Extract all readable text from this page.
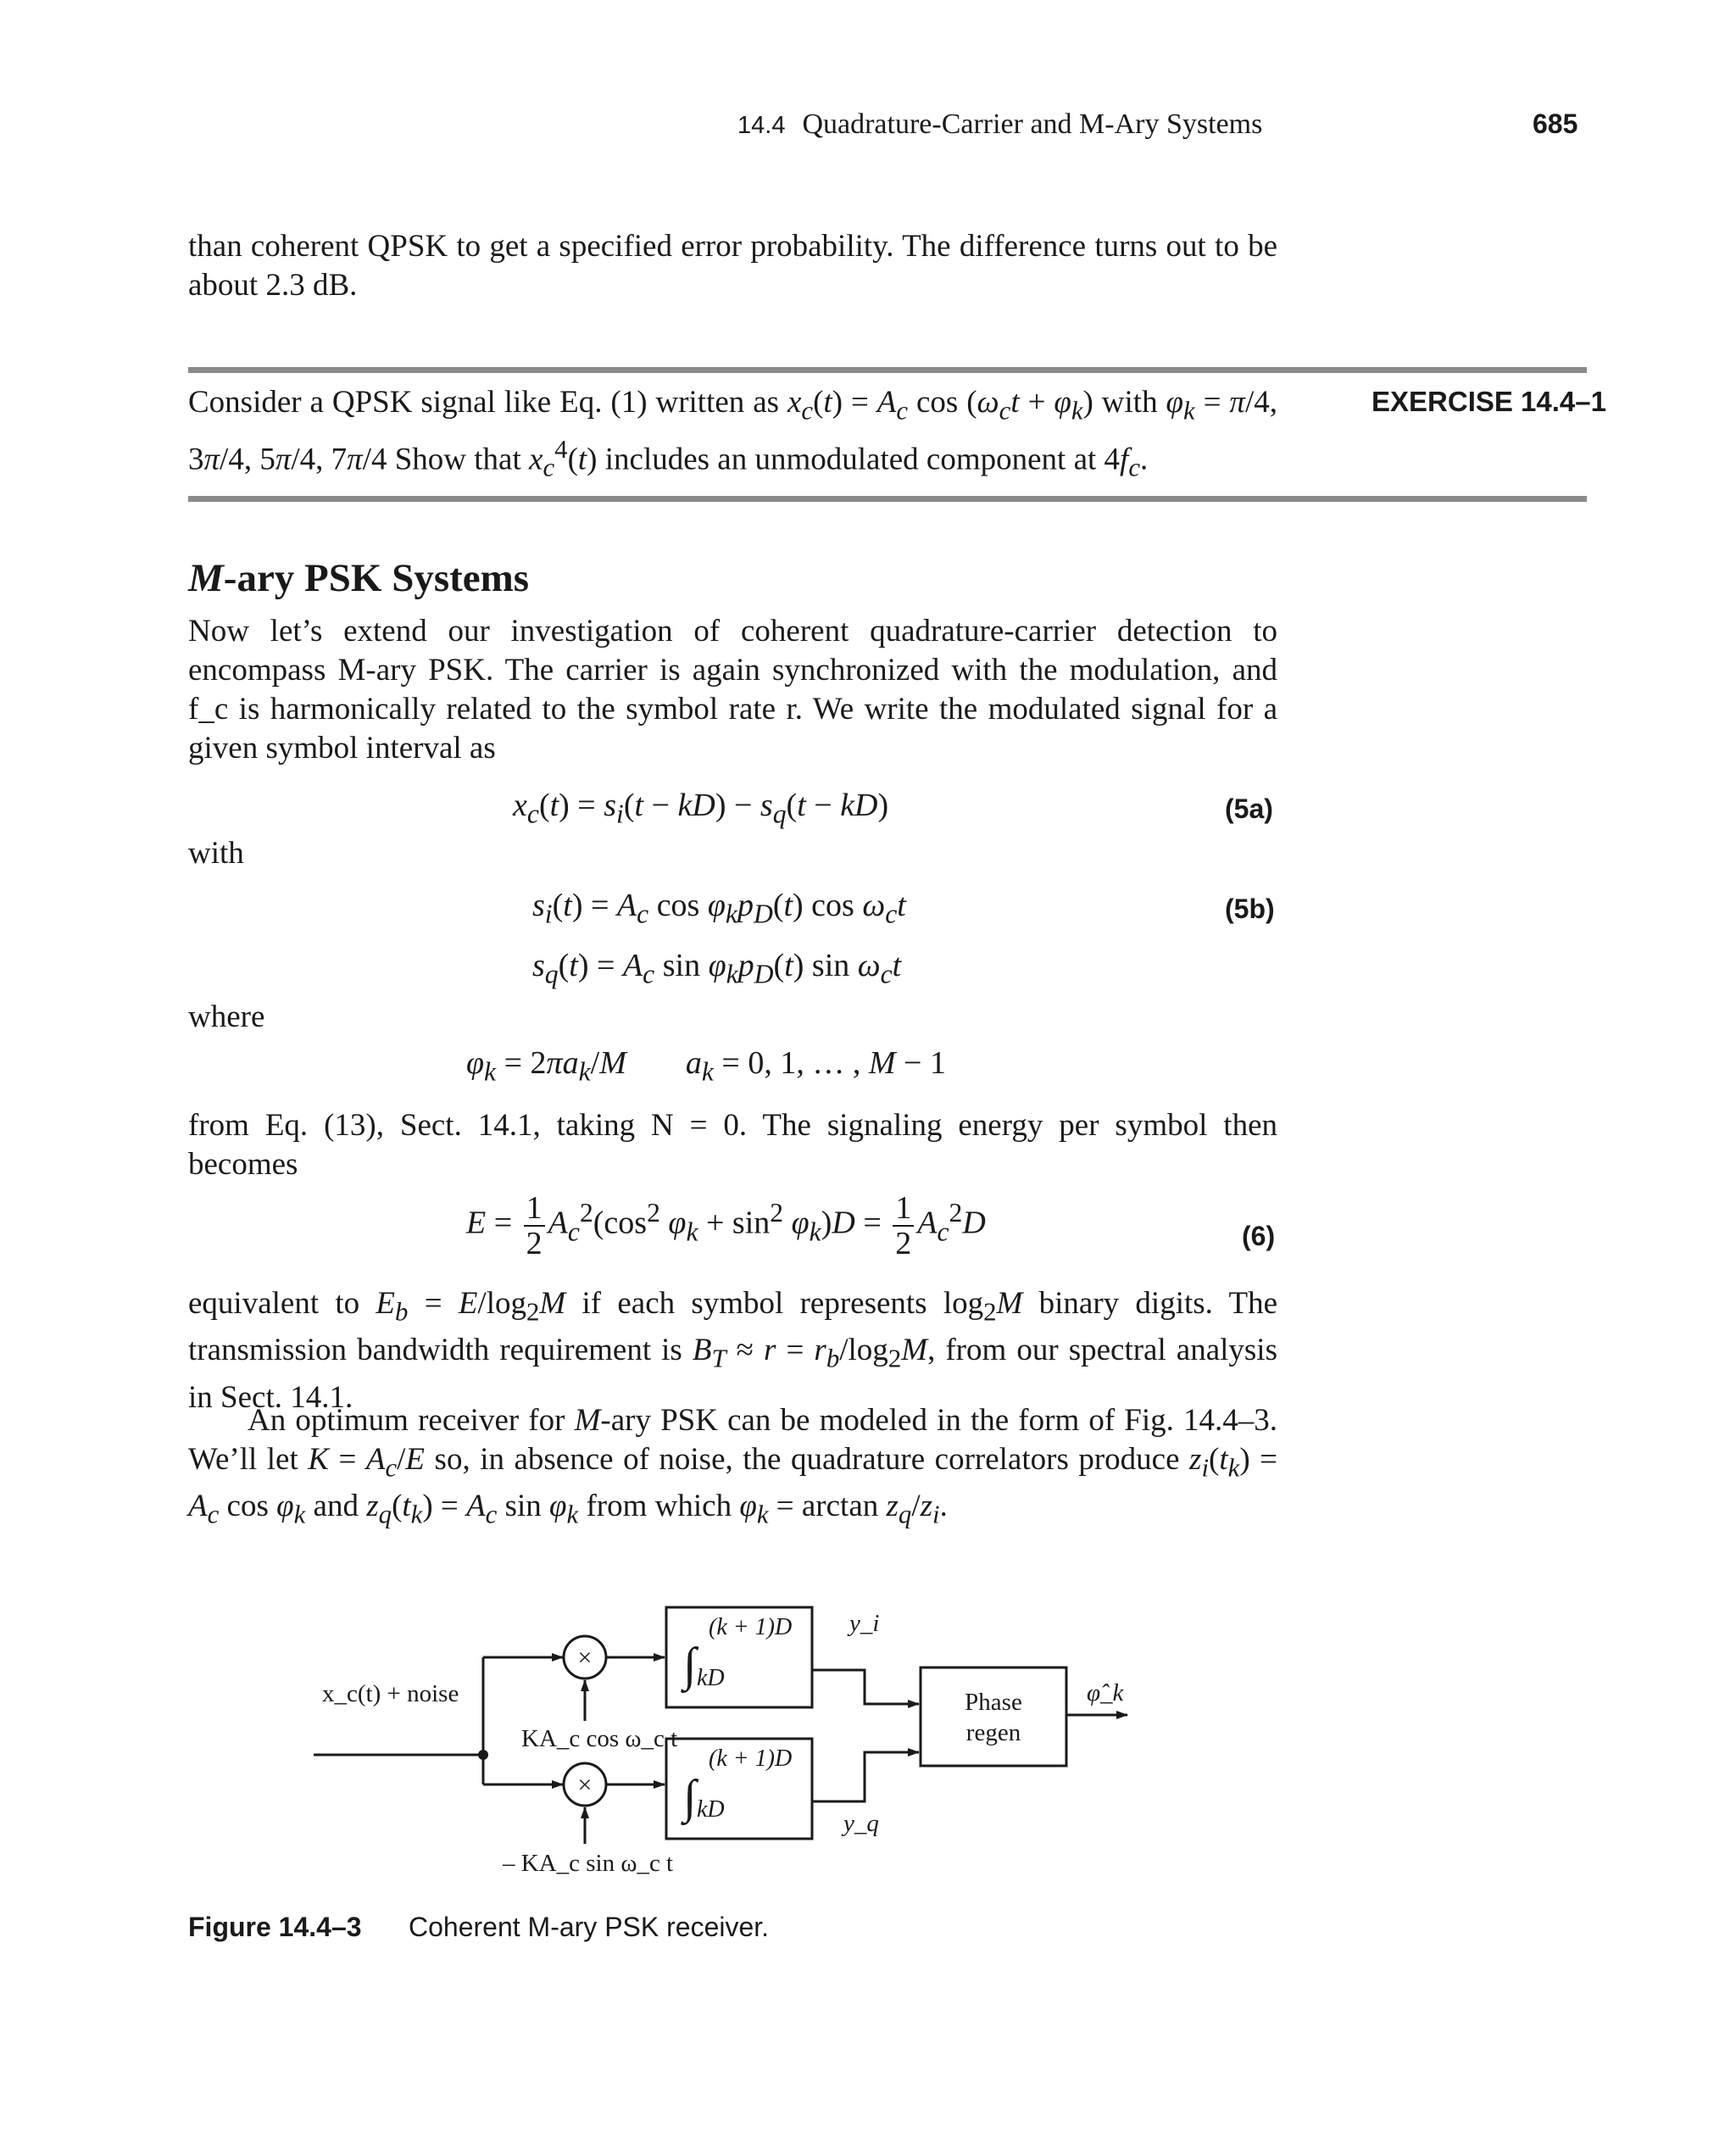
14.4 Quadrature-Carrier and M-Ary Systems	685
than coherent QPSK to get a specified error probability. The difference turns out to be about 2.3 dB.
EXERCISE 14.4–1
Consider a QPSK signal like Eq. (1) written as $x_c(t) = A_c$ $\cos (\omega_ct + \varphi_k)$ with $\varphi_k = \pi/4$, 3π/4, 5π/4, 7π/4 Show that $x_c^4(t)$ includes an unmodulated component at $4f_c$.
M-ary PSK Systems
Now let’s extend our investigation of coherent quadrature-carrier detection to encompass M-ary PSK. The carrier is again synchronized with the modulation, and f_c is harmonically related to the symbol rate r. We write the modulated signal for a given symbol interval as
$x_c(t) = s_i(t - kD) - s_q(t - kD)$	(5a)
with
$s_i(t) = A_c$ $\cos \varphi_kp_D(t)$ $\cos \omega_ct$	(5b)
$s_q(t) = A_c$ $\sin \varphi_kp_D(t)$ $\sin \omega_ct$
where
$\varphi_k = 2\pi a_k/M$ $a_k = 0$, 1, … , M − 1
from Eq. (13), Sect. 14.1, taking N = 0. The signaling energy per symbol then becomes
$E = \frac{1}{2} A_c^2(\cos^2$ $\varphi_k + \sin^2 \varphi_k)D = \frac{1}{2} A_c^2D$	(6)
equivalent to $E_b = E/\log_2M$ if each symbol represents $\log_2M$ binary digits. The transmission bandwidth requirement is $B_T \approx r = r_b/\log_2M$, from our spectral analysis in Sect. 14.1.
An optimum receiver for M-ary PSK can be modeled in the form of Fig. 14.4–3. We’ll let $K = A_c/E$ so, in absence of noise, the quadrature correlators produce $z_i(t_k) = A_c$ $\cos \varphi_k$ and $z_q(t_k) = A_c$ $\sin \varphi_k$ from which $\varphi_k = \arctan z_q/z_i$.
×
×
∫
∫
(k + 1)D
kD
(k + 1)D
kD
x_c(t) + noise
KA_c cos ω_c t
– KA_c sin ω_c t
y_i
y_q
Phase
regen
φ̂_k
Figure 14.4–3 Coherent M-ary PSK receiver.
